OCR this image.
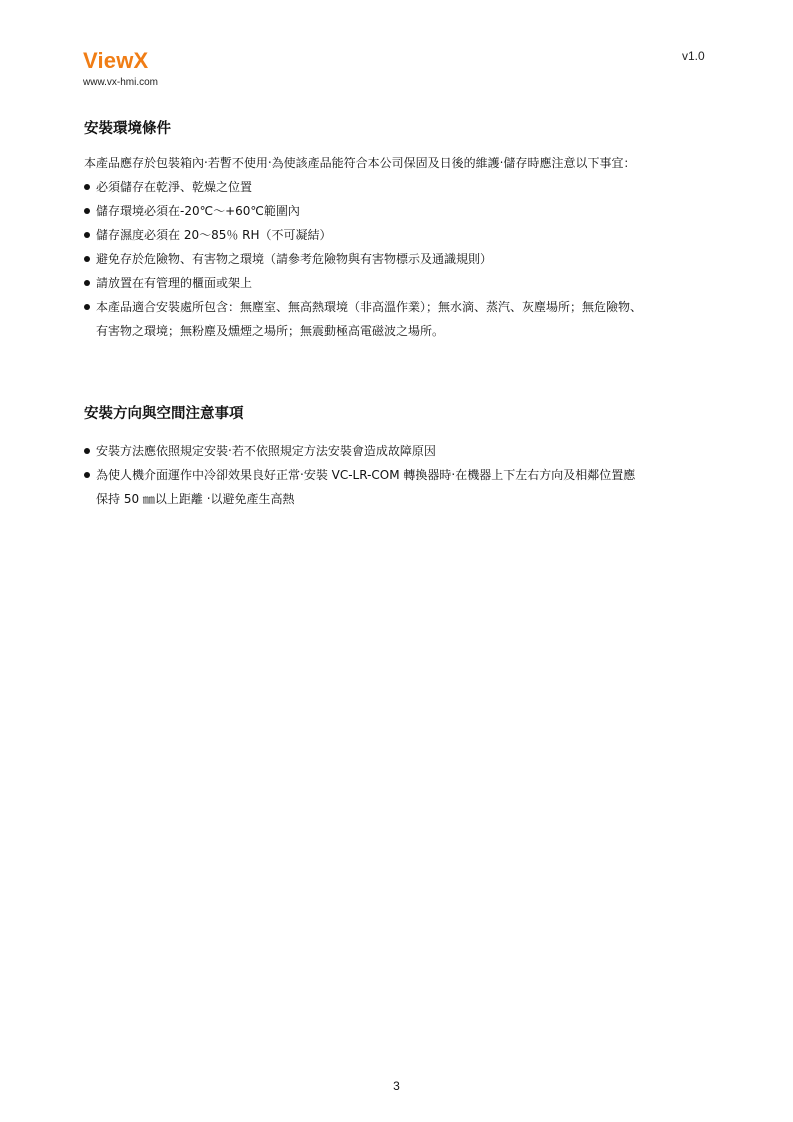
ViewX
www.vx-hmi.com
v1.0
安裝環境條件
本產品應存於包裝箱內‧若暫不使用‧為使該產品能符合本公司保固及日後的維護‧儲存時應注意以下事宜：
必須儲存在乾淨、乾燥之位置
儲存環境必須在-20℃～+60℃範圍內
儲存濕度必須在 20～85％ RH（不可凝結）
避免存於危險物、有害物之環境（請參考危險物與有害物標示及通識規則）
請放置在有管理的櫃面或架上
本產品適合安裝處所包含：無塵室、無高熱環境（非高溫作業）；無水滴、蒸汽、灰塵場所；無危險物、
有害物之環境；無粉塵及燻煙之場所；無震動極高電磁波之場所。
安裝方向與空間注意事項
安裝方法應依照規定安裝‧若不依照規定方法安裝會造成故障原因
為使人機介面運作中冷卻效果良好正常‧安裝 VC-LR-COM 轉換器時‧在機器上下左右方向及相鄰位置應
保持 50 ㎜以上距離 ‧以避免產生高熱
3
